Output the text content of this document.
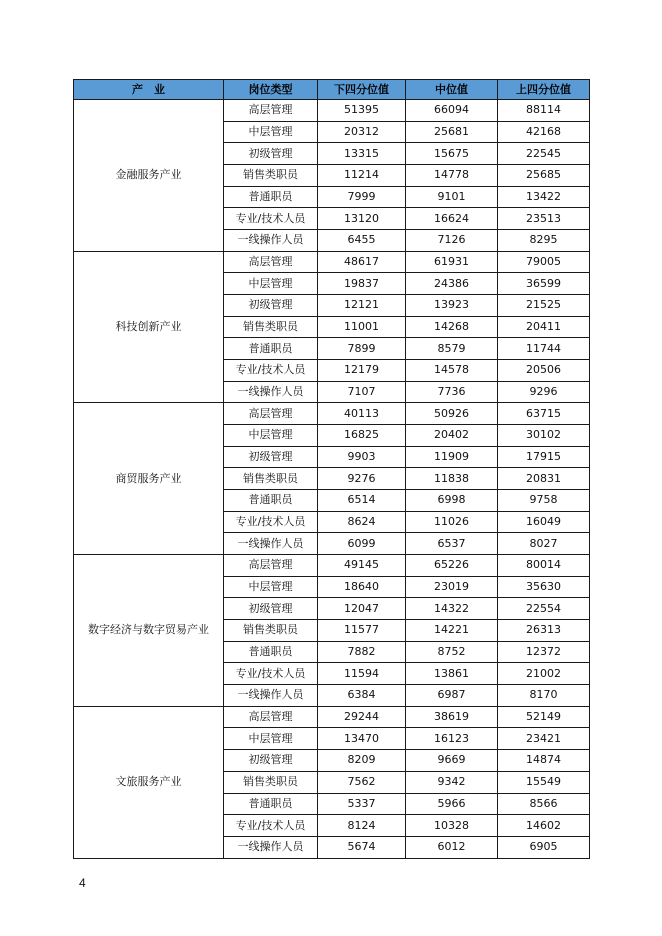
产　业	岗位类型	下四分位值	中位值	上四分位值
金融服务产业	高层管理	51395	66094	88114
	中层管理	20312	25681	42168
	初级管理	13315	15675	22545
	销售类职员	11214	14778	25685
	普通职员	7999	9101	13422
	专业/技术人员	13120	16624	23513
	一线操作人员	6455	7126	8295
科技创新产业	高层管理	48617	61931	79005
	中层管理	19837	24386	36599
	初级管理	12121	13923	21525
	销售类职员	11001	14268	20411
	普通职员	7899	8579	11744
	专业/技术人员	12179	14578	20506
	一线操作人员	7107	7736	9296
商贸服务产业	高层管理	40113	50926	63715
	中层管理	16825	20402	30102
	初级管理	9903	11909	17915
	销售类职员	9276	11838	20831
	普通职员	6514	6998	9758
	专业/技术人员	8624	11026	16049
	一线操作人员	6099	6537	8027
数字经济与数字贸易产业	高层管理	49145	65226	80014
	中层管理	18640	23019	35630
	初级管理	12047	14322	22554
	销售类职员	11577	14221	26313
	普通职员	7882	8752	12372
	专业/技术人员	11594	13861	21002
	一线操作人员	6384	6987	8170
文旅服务产业	高层管理	29244	38619	52149
	中层管理	13470	16123	23421
	初级管理	8209	9669	14874
	销售类职员	7562	9342	15549
	普通职员	5337	5966	8566
	专业/技术人员	8124	10328	14602
	一线操作人员	5674	6012	6905
4
